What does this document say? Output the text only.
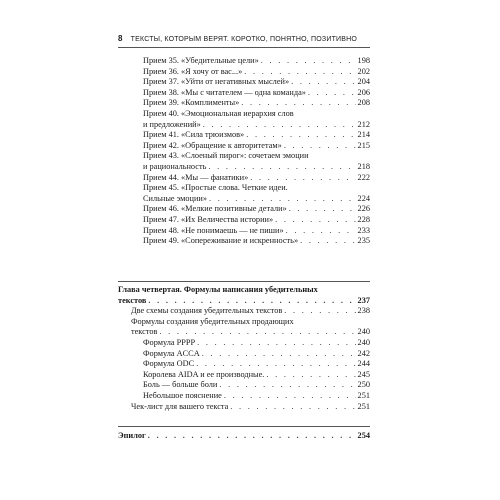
8 ТЕКСТЫ, КОТОРЫМ ВЕРЯТ. КОРОТКО, ПОНЯТНО, ПОЗИТИВНО
Прием 35. «Убедительные цели» . . .	198
Прием 36. «Я хочу от вас...» . . .	202
Прием 37. «Уйти от негативных мыслей» . . .	204
Прием 38. «Мы с читателем — одна команда» . . .	206
Прием 39. «Комплименты» . . .	208
Прием 40. «Эмоциональная иерархия слов
и предложений» . . .	212
Прием 41. «Сила трюизмов» . . .	214
Прием 42. «Обращение к авторитетам» . . .	215
Прием 43. «Слоеный пирог»: сочетаем эмоции
и рациональность . . .	218
Прием 44. «Мы — фанатики» . . .	222
Прием 45. «Простые слова. Четкие идеи.
Сильные эмоции» . . .	224
Прием 46. «Мелкие позитивные детали» . . .	226
Прием 47. «Их Величества истории» . . .	228
Прием 48. «Не понимаешь — не пиши» . . .	233
Прием 49. «Сопереживание и искренность» . . .	235
Глава четвертая. Формулы написания убедительных
текстов . . .	237
Две схемы создания убедительных текстов . . .	238
Формулы создания убедительных продающих
текстов . . .	240
Формула PPPP . . .	240
Формула ACCA . . .	242
Формула ODC . . .	244
Королева AIDA и ее производные. . . .	245
Боль — больше боли . . .	250
Небольшое пояснение . . .	251
Чек-лист для вашего текста . . .	251
Эпилог . . .	254
